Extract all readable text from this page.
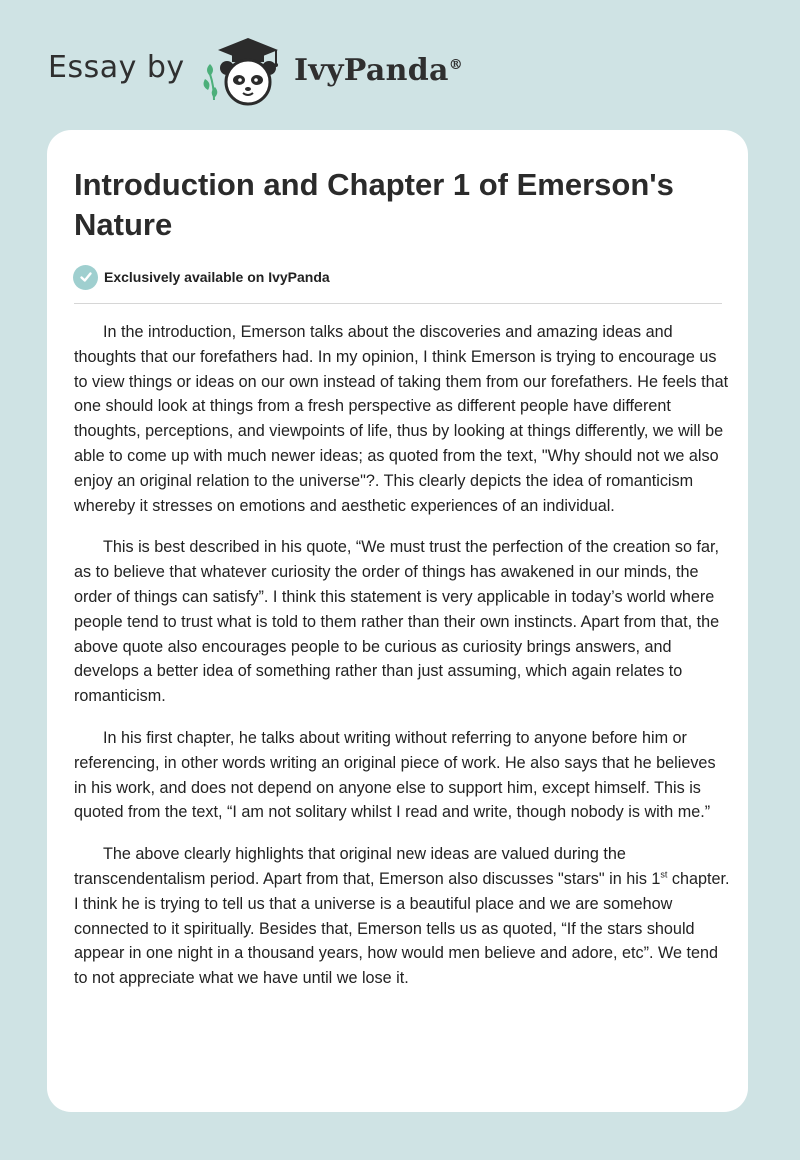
Essay by	IvyPanda®
Introduction and Chapter 1 of Emerson's Nature
Exclusively available on IvyPanda

In the introduction, Emerson talks about the discoveries and amazing ideas and thoughts that our forefathers had. In my opinion, I think Emerson is trying to encourage us to view things or ideas on our own instead of taking them from our forefathers. He feels that one should look at things from a fresh perspective as different people have different thoughts, perceptions, and viewpoints of life, thus by looking at things differently, we will be able to come up with much newer ideas; as quoted from the text, "Why should not we also enjoy an original relation to the universe"?. This clearly depicts the idea of romanticism whereby it stresses on emotions and aesthetic experiences of an individual.

This is best described in his quote, “We must trust the perfection of the creation so far, as to believe that whatever curiosity the order of things has awakened in our minds, the order of things can satisfy”. I think this statement is very applicable in today’s world where people tend to trust what is told to them rather than their own instincts. Apart from that, the above quote also encourages people to be curious as curiosity brings answers, and develops a better idea of something rather than just assuming, which again relates to romanticism.

In his first chapter, he talks about writing without referring to anyone before him or referencing, in other words writing an original piece of work. He also says that he believes in his work, and does not depend on anyone else to support him, except himself. This is quoted from the text, “I am not solitary whilst I read and write, though nobody is with me.”

The above clearly highlights that original new ideas are valued during the transcendentalism period. Apart from that, Emerson also discusses "stars" in his 1st chapter. I think he is trying to tell us that a universe is a beautiful place and we are somehow connected to it spiritually. Besides that, Emerson tells us as quoted, “If the stars should appear in one night in a thousand years, how would men believe and adore, etc”. We tend to not appreciate what we have until we lose it.
